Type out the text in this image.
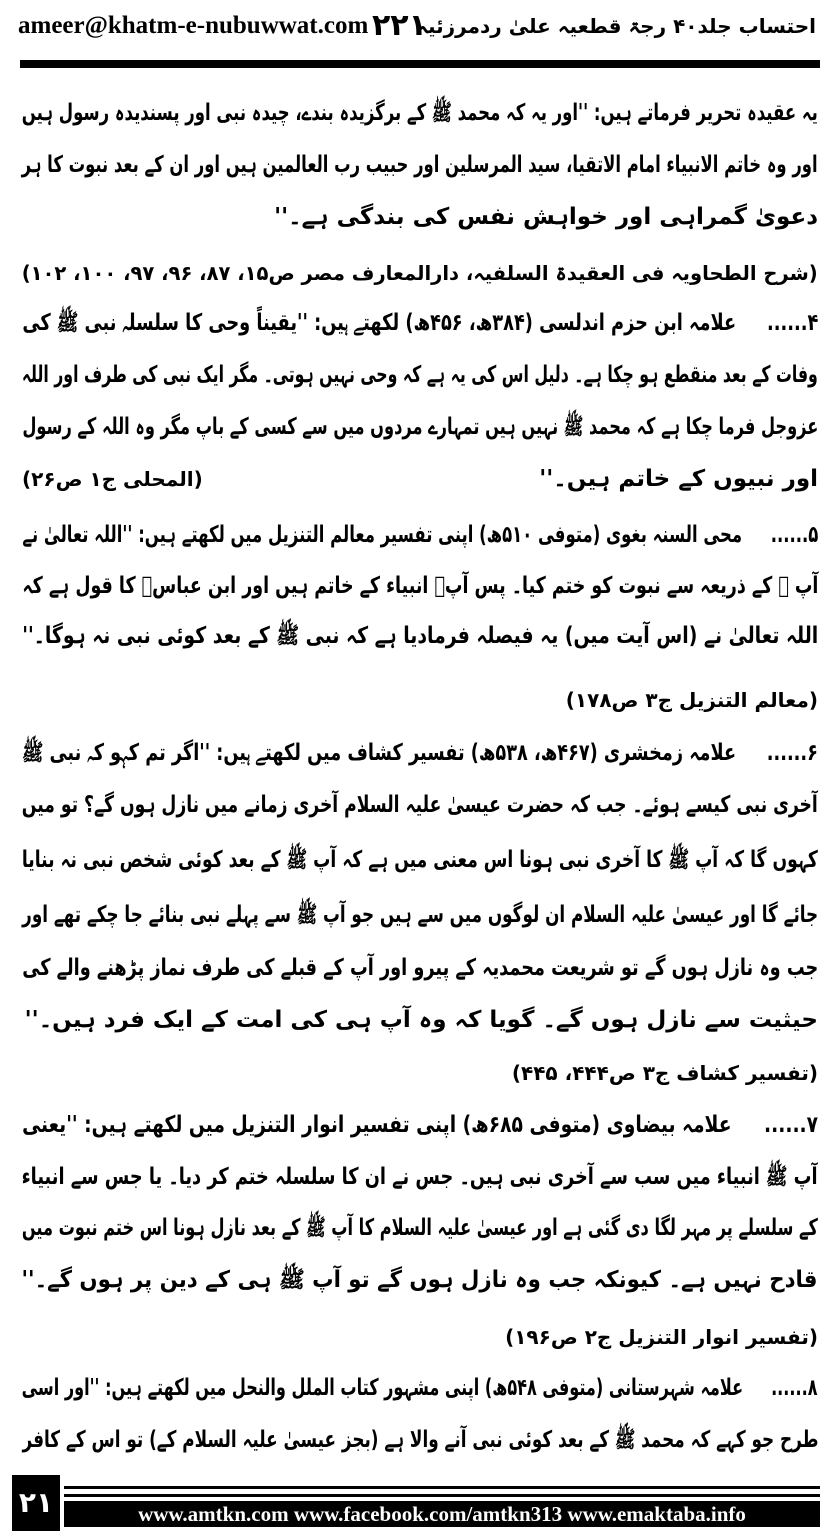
احتساب جلد۴۰ رجۃ قطعیہ علیٰ ردمرزئیہ
۲۲۱
ameer@khatm-e-nubuwwat.com
یہ عقیدہ تحریر فرماتے ہیں: ''اور یہ کہ محمد ﷺ کے برگزیدہ بندے، چیدہ نبی اور پسندیدہ رسول ہیں
اور وہ خاتم الانبیاء امام الاتقیا، سید المرسلین اور حبیب رب العالمین ہیں اور ان کے بعد نبوت کا ہر
دعویٰ گمراہی اور خواہش نفس کی بندگی ہے۔''
(شرح الطحاویہ فی العقیدۃ السلفیہ، دارالمعارف مصر ص۱۵، ۸۷، ۹۶، ۹۷، ۱۰۰، ۱۰۲)
۴......علامہ ابن حزم اندلسی (۳۸۴ھ، ۴۵۶ھ) لکھتے ہیں: ''یقیناً وحی کا سلسلہ نبی ﷺ کی
وفات کے بعد منقطع ہو چکا ہے۔ دلیل اس کی یہ ہے کہ وحی نہیں ہوتی۔ مگر ایک نبی کی طرف اور اللہ
عزوجل فرما چکا ہے کہ محمد ﷺ نہیں ہیں تمہارے مردوں میں سے کسی کے باپ مگر وہ اللہ کے رسول
اور نبیوں کے خاتم ہیں۔''
(المحلی ج۱ ص۲۶)
۵......محی السنہ بغوی (متوفی ۵۱۰ھ) اپنی تفسیر معالم التنزیل میں لکھتے ہیں: ''اللہ تعالیٰ نے
آپ ﷺ کے ذریعہ سے نبوت کو ختم کیا۔ پس آپؐ انبیاء کے خاتم ہیں اور ابن عباسؓ کا قول ہے کہ
اللہ تعالیٰ نے (اس آیت میں) یہ فیصلہ فرمادیا ہے کہ نبی ﷺ کے بعد کوئی نبی نہ ہوگا۔''
(معالم التنزیل ج۳ ص۱۷۸)
۶......علامہ زمخشری (۴۶۷ھ، ۵۳۸ھ) تفسیر کشاف میں لکھتے ہیں: ''اگر تم کہو کہ نبی ﷺ
آخری نبی کیسے ہوئے۔ جب کہ حضرت عیسیٰ علیہ السلام آخری زمانے میں نازل ہوں گے؟ تو میں
کہوں گا کہ آپ ﷺ کا آخری نبی ہونا اس معنی میں ہے کہ آپ ﷺ کے بعد کوئی شخص نبی نہ بنایا
جائے گا اور عیسیٰ علیہ السلام ان لوگوں میں سے ہیں جو آپ ﷺ سے پہلے نبی بنائے جا چکے تھے اور
جب وہ نازل ہوں گے تو شریعت محمدیہ کے پیرو اور آپ کے قبلے کی طرف نماز پڑھنے والے کی
حیثیت سے نازل ہوں گے۔ گویا کہ وہ آپ ہی کی امت کے ایک فرد ہیں۔''
(تفسیر کشاف ج۳ ص۴۴۴، ۴۴۵)
۷......علامہ بیضاوی (متوفی ۶۸۵ھ) اپنی تفسیر انوار التنزیل میں لکھتے ہیں: ''یعنی
آپ ﷺ انبیاء میں سب سے آخری نبی ہیں۔ جس نے ان کا سلسلہ ختم کر دیا۔ یا جس سے انبیاء
کے سلسلے پر مہر لگا دی گئی ہے اور عیسیٰ علیہ السلام کا آپ ﷺ کے بعد نازل ہونا اس ختم نبوت میں
قادح نہیں ہے۔ کیونکہ جب وہ نازل ہوں گے تو آپ ﷺ ہی کے دین پر ہوں گے۔''
(تفسیر انوار التنزیل ج۲ ص۱۹۶)
۸......علامہ شہرستانی (متوفی ۵۴۸ھ) اپنی مشہور کتاب الملل والنحل میں لکھتے ہیں: ''اور اسی
طرح جو کہے کہ محمد ﷺ کے بعد کوئی نبی آنے والا ہے (بجز عیسیٰ علیہ السلام کے) تو اس کے کافر
۲۱	www.amtkn.com www.facebook.com/amtkn313 www.emaktaba.info
